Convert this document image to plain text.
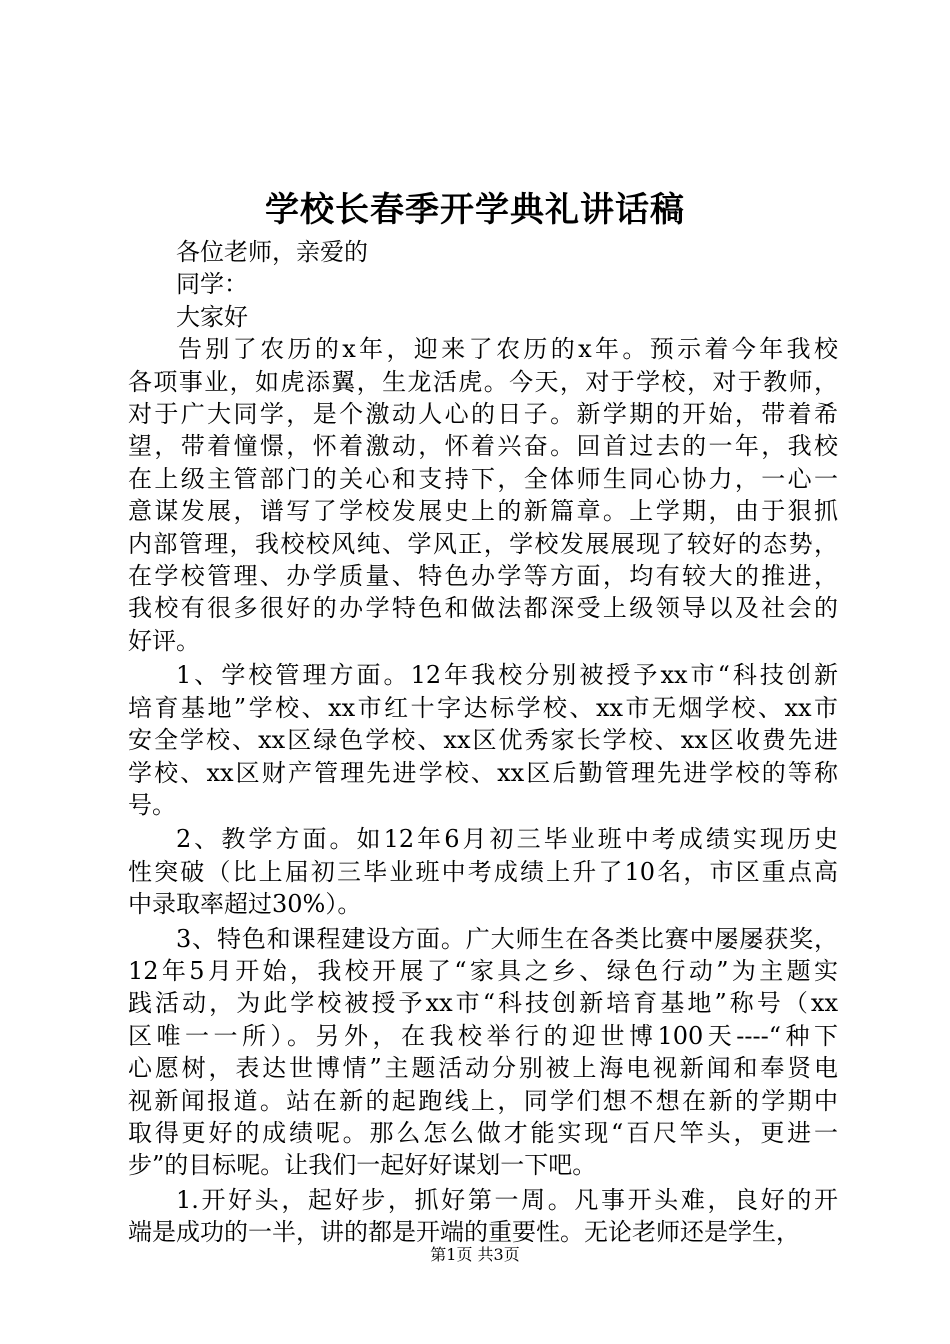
学校长春季开学典礼讲话稿
各位老师，亲爱的
同学：
大家好
告别了农历的x年，迎来了农历的x年。预示着今年我校
各项事业，如虎添翼，生龙活虎。今天，对于学校，对于教师，
对于广大同学，是个激动人心的日子。新学期的开始，带着希
望，带着憧憬，怀着激动，怀着兴奋。回首过去的一年，我校
在上级主管部门的关心和支持下，全体师生同心协力，一心一
意谋发展，谱写了学校发展史上的新篇章。上学期，由于狠抓
内部管理，我校校风纯、学风正，学校发展展现了较好的态势，
在学校管理、办学质量、特色办学等方面，均有较大的推进，
我校有很多很好的办学特色和做法都深受上级领导以及社会的
好评。
1、学校管理方面。12年我校分别被授予xx市“科技创新
培育基地”学校、xx市红十字达标学校、xx市无烟学校、xx市
安全学校、xx区绿色学校、xx区优秀家长学校、xx区收费先进
学校、xx区财产管理先进学校、xx区后勤管理先进学校的等称
号。
2、教学方面。如12年6月初三毕业班中考成绩实现历史
性突破（比上届初三毕业班中考成绩上升了10名，市区重点高
中录取率超过30%）。
3、特色和课程建设方面。广大师生在各类比赛中屡屡获奖，
12年5月开始，我校开展了“家具之乡、绿色行动”为主题实
践活动，为此学校被授予xx市“科技创新培育基地”称号（xx
区唯一一所）。另外，在我校举行的迎世博100天----“种下
心愿树，表达世博情”主题活动分别被上海电视新闻和奉贤电
视新闻报道。站在新的起跑线上，同学们想不想在新的学期中
取得更好的成绩呢。那么怎么做才能实现“百尺竿头，更进一
步”的目标呢。让我们一起好好谋划一下吧。
1.开好头，起好步，抓好第一周。凡事开头难，良好的开
端是成功的一半，讲的都是开端的重要性。无论老师还是学生，
第1页 共3页
